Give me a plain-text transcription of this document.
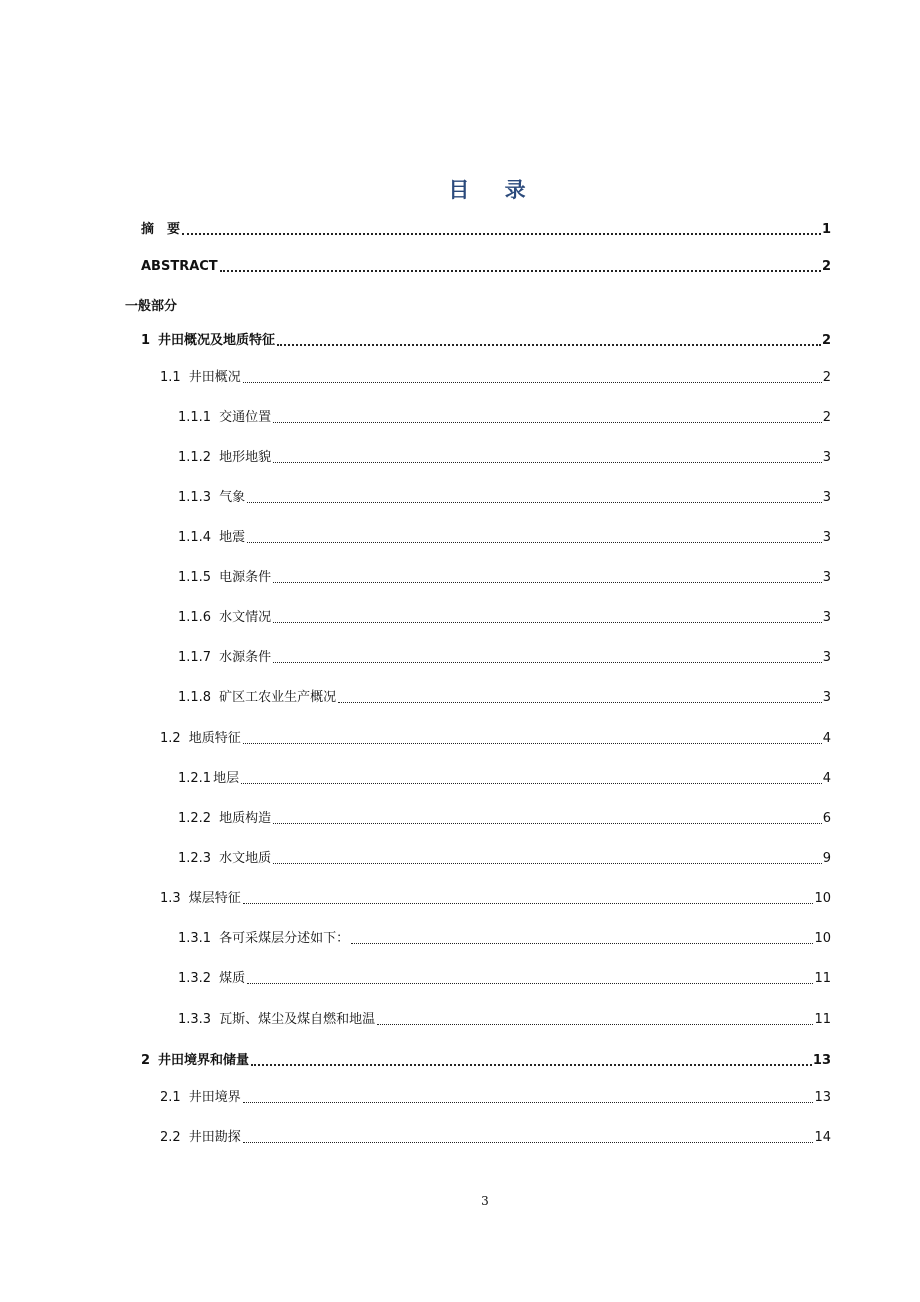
目 录
一般部分
摘　要	1
ABSTRACT	2
1 井田概况及地质特征	2
1.1 井田概况	2
1.1.1 交通位置	2
1.1.2 地形地貌	3
1.1.3 气象	3
1.1.4 地震	3
1.1.5 电源条件	3
1.1.6 水文情况	3
1.1.7 水源条件	3
1.1.8 矿区工农业生产概况	3
1.2 地质特征	4
1.2.1 地层	4
1.2.2 地质构造	6
1.2.3 水文地质	9
1.3 煤层特征	10
1.3.1 各可采煤层分述如下：	10
1.3.2 煤质	11
1.3.3 瓦斯、煤尘及煤自燃和地温	11
2 井田境界和储量	13
2.1 井田境界	13
2.2 井田勘探	14
3
